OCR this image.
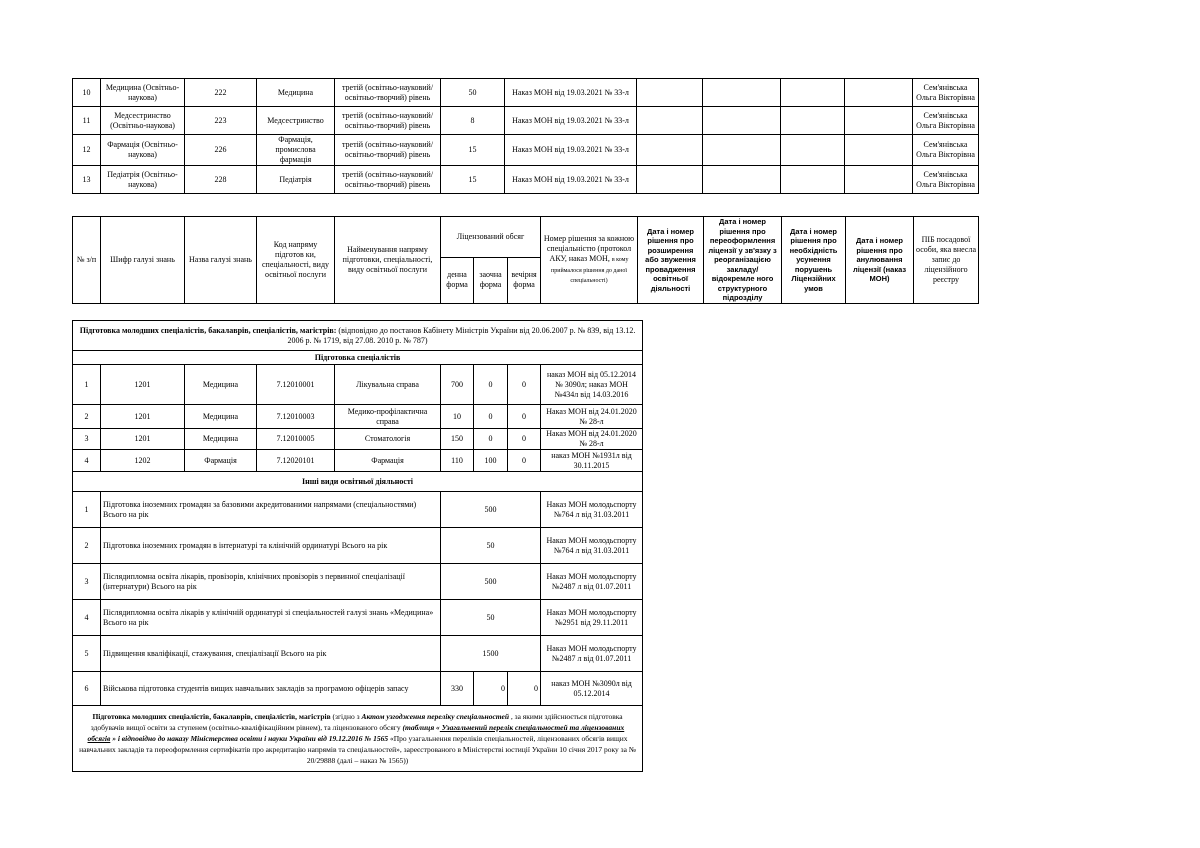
10	Медицина (Освітньо-наукова)	222	Медицина	третій (освітньо-науковий/освітньо-творчий) рівень	50	Наказ МОН від 19.03.2021 № 33-л					Сем'янівська Ольга Вікторівна
11	Медсестринство (Освітньо-наукова)	223	Медсестринство	третій (освітньо-науковий/освітньо-творчий) рівень	8	Наказ МОН від 19.03.2021 № 33-л					Сем'янівська Ольга Вікторівна
12	Фармація (Освітньо-наукова)	226	Фармація, промислова фармація	третій (освітньо-науковий/освітньо-творчий) рівень	15	Наказ МОН від 19.03.2021 № 33-л					Сем'янівська Ольга Вікторівна
13	Педіатрія (Освітньо-наукова)	228	Педіатрія	третій (освітньо-науковий/освітньо-творчий) рівень	15	Наказ МОН від 19.03.2021 № 33-л					Сем'янівська Ольга Вікторівна
№ з/п	Шифр галузі знань	Назва галузі знань	Код напряму підготов ки, спеціальності, виду освітньої послуги	Найменування напряму підготовки, спеціальності, виду освітньої послуги	Ліцензований обсяг			Номер рішення за кожною спеціальністю (протокол АКУ, наказ МОН, в кому приймалося рішення до даної спеціальності)	Дата і номер рішення про розширення або звуження провадження освітньої діяльності	Дата і номер рішення про переоформлення ліцензії у зв'язку з реорганізацією закладу/відокремле ного структурного підрозділу	Дата і номер рішення про необхідність усунення порушень Ліцензійних умов	Дата і номер рішення про анулювання ліцензії (наказ МОН)	ПІБ посадової особи, яка внесла запис до ліцензійного реєстру
					денна форма	заочна форма	вечірня форма						
Підготовка молодших спеціалістів, бакалаврів, спеціалістів, магістрів: (відповідно до постанов Кабінету Міністрів України від 20.06.2007 р. № 839, від 13.12. 2006 р. № 1719, від 27.08. 2010 р. № 787)								
Підготовка спеціалістів								
1	1201	Медицина	7.12010001	Лікувальна справа	700	0	0	наказ МОН від 05.12.2014 № 3090л; наказ МОН №434л від 14.03.2016
2	1201	Медицина	7.12010003	Медико-профілактична справа	10	0	0	Наказ МОН від 24.01.2020 № 28-л
3	1201	Медицина	7.12010005	Стоматологія	150	0	0	Наказ МОН від 24.01.2020 № 28-л
4	1202	Фармація	7.12020101	Фармація	110	100	0	наказ МОН №1931л від 30.11.2015
Інші види освітньої діяльності								
1	Підготовка іноземних громадян за базовими акредитованими напрямами (спеціальностями) Всього на рік				500			Наказ МОН молодьспорту №764 л від 31.03.2011
2	Підготовка іноземних громадян в інтернатурі та клінічній ординатурі Всього на рік				50			Наказ МОН молодьспорту №764 л від 31.03.2011
3	Післядипломна освіта лікарів, провізорів, клінічних провізорів з первинної спеціалізації (інтернатури) Всього на рік				500			Наказ МОН молодьспорту №2487 л від 01.07.2011
4	Післядипломна освіта лікарів у клінічній ординатурі зі спеціальностей галузі знань «Медицина» Всього на рік				50			Наказ МОН молодьспорту №2951 від 29.11.2011
5	Підвищення кваліфікації, стажування, спеціалізації Всього на рік				1500			Наказ МОН молодьспорту №2487 л від 01.07.2011
6	Військова підготовка студентів вищих навчальних закладів за програмою офіцерів запасу				330	0	0	наказ МОН №3090л від 05.12.2014
Підготовка молодших спеціалістів, бакалаврів, спеціалістів, магістрів (згідно з Актом узгодження переліку спеціальностей , за якими здійснюється підготовка здобувачів вищої освіти за ступенем (освітньо-кваліфікаційним рівнем), та ліцензованого обсягу (таблиця « Узагальнений перелік спеціальностей та ліцензованих обсягів » і відповідно до наказу Міністерства освіти і науки України від 19.12.2016 № 1565 «Про узагальнення переліків спеціальностей, ліцензованих обсягів вищих навчальних закладів та переоформлення сертифікатів про акредитацію напрямів та спеціальностей», зареєстрованого в Міністерстві юстиції України 10 січня 2017 року за № 20/29888 (далі – наказ № 1565))								
